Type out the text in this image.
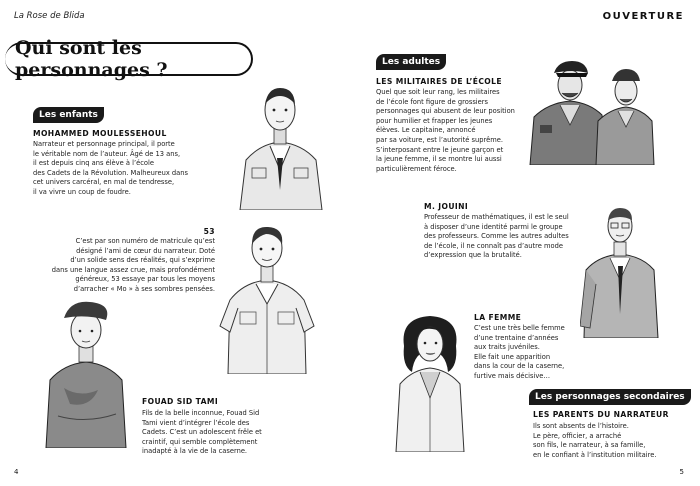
La Rose de Blida	OUVERTURE
Qui sont les personnages ?
Les enfants
MOHAMMED MOULESSEHOUL
Narrateur et personnage principal, il porte
le véritable nom de l’auteur. Âgé de 13 ans,
il est depuis cinq ans élève à l’école
des Cadets de la Révolution. Malheureux dans
cet univers carcéral, en mal de tendresse,
il va vivre un coup de foudre.
53
C’est par son numéro de matricule qu’est
désigné l’ami de cœur du narrateur. Doté
d’un solide sens des réalités, qui s’exprime
dans une langue assez crue, mais profondément
généreux, 53 essaye par tous les moyens
d’arracher « Mo » à ses sombres pensées.
FOUAD SID TAMI
Fils de la belle inconnue, Fouad Sid
Tami vient d’intégrer l’école des
Cadets. C’est un adolescent frêle et
craintif, qui semble complètement
inadapté à la vie de la caserne.
Les adultes
LES MILITAIRES DE L’ÉCOLE
Quel que soit leur rang, les militaires
de l’école font figure de grossiers
personnages qui abusent de leur position
pour humilier et frapper les jeunes
élèves. Le capitaine, annoncé
par sa voiture, est l’autorité suprême.
S’interposant entre le jeune garçon et
la jeune femme, il se montre lui aussi
particulièrement féroce.
M. JOUINI
Professeur de mathématiques, il est le seul
à disposer d’une identité parmi le groupe
des professeurs. Comme les autres adultes
de l’école, il ne connaît pas d’autre mode
d’expression que la brutalité.
LA FEMME
C’est une très belle femme
d’une trentaine d’années
aux traits juvéniles.
Elle fait une apparition
dans la cour de la caserne,
furtive mais décisive…
Les personnages secondaires
LES PARENTS DU NARRATEUR
Ils sont absents de l’histoire.
Le père, officier, a arraché
son fils, le narrateur, à sa famille,
en le confiant à l’institution militaire.
4	5
